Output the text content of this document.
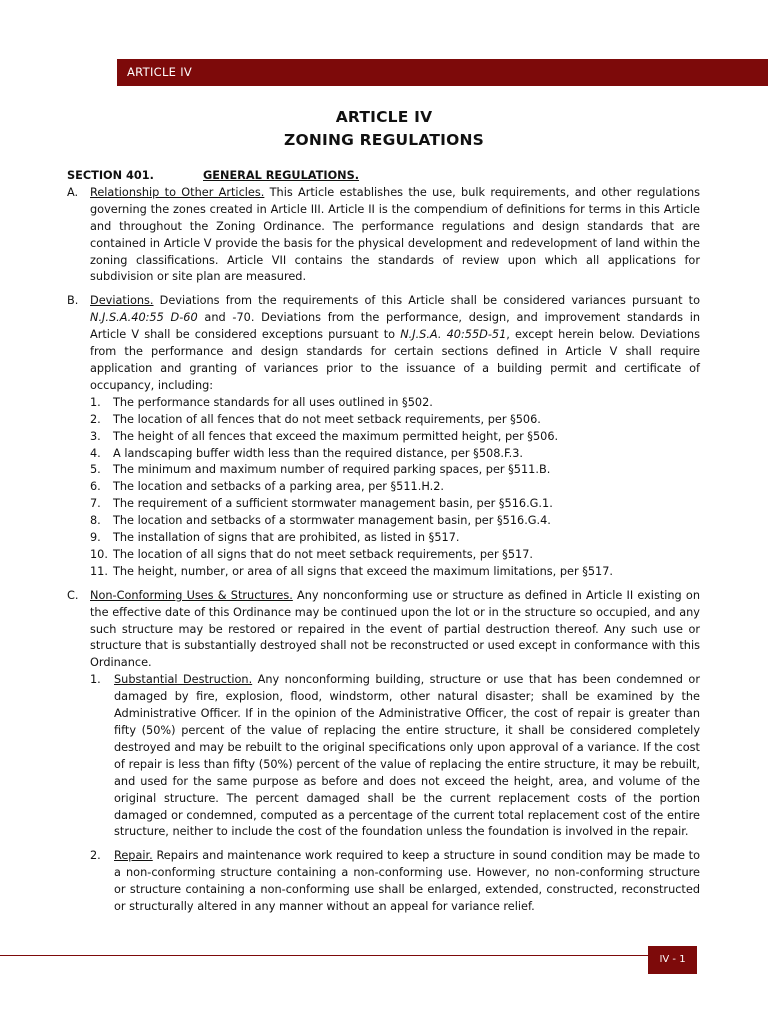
ARTICLE IV
ARTICLE IV
ZONING REGULATIONS
SECTION 401.	GENERAL REGULATIONS.
A. Relationship to Other Articles. This Article establishes the use, bulk requirements, and other regulations governing the zones created in Article III. Article II is the compendium of definitions for terms in this Article and throughout the Zoning Ordinance. The performance regulations and design standards that are contained in Article V provide the basis for the physical development and redevelopment of land within the zoning classifications. Article VII contains the standards of review upon which all applications for subdivision or site plan are measured.
B. Deviations. Deviations from the requirements of this Article shall be considered variances pursuant to N.J.S.A.40:55 D-60 and -70. Deviations from the performance, design, and improvement standards in Article V shall be considered exceptions pursuant to N.J.S.A. 40:55D-51, except herein below. Deviations from the performance and design standards for certain sections defined in Article V shall require application and granting of variances prior to the issuance of a building permit and certificate of occupancy, including:
1. The performance standards for all uses outlined in §502.
2. The location of all fences that do not meet setback requirements, per §506.
3. The height of all fences that exceed the maximum permitted height, per §506.
4. A landscaping buffer width less than the required distance, per §508.F.3.
5. The minimum and maximum number of required parking spaces, per §511.B.
6. The location and setbacks of a parking area, per §511.H.2.
7. The requirement of a sufficient stormwater management basin, per §516.G.1.
8. The location and setbacks of a stormwater management basin, per §516.G.4.
9. The installation of signs that are prohibited, as listed in §517.
10. The location of all signs that do not meet setback requirements, per §517.
11. The height, number, or area of all signs that exceed the maximum limitations, per §517.
C. Non-Conforming Uses & Structures. Any nonconforming use or structure as defined in Article II existing on the effective date of this Ordinance may be continued upon the lot or in the structure so occupied, and any such structure may be restored or repaired in the event of partial destruction thereof. Any such use or structure that is substantially destroyed shall not be reconstructed or used except in conformance with this Ordinance.
1. Substantial Destruction. Any nonconforming building, structure or use that has been condemned or damaged by fire, explosion, flood, windstorm, other natural disaster; shall be examined by the Administrative Officer. If in the opinion of the Administrative Officer, the cost of repair is greater than fifty (50%) percent of the value of replacing the entire structure, it shall be considered completely destroyed and may be rebuilt to the original specifications only upon approval of a variance. If the cost of repair is less than fifty (50%) percent of the value of replacing the entire structure, it may be rebuilt, and used for the same purpose as before and does not exceed the height, area, and volume of the original structure. The percent damaged shall be the current replacement costs of the portion damaged or condemned, computed as a percentage of the current total replacement cost of the entire structure, neither to include the cost of the foundation unless the foundation is involved in the repair.
2. Repair. Repairs and maintenance work required to keep a structure in sound condition may be made to a non-conforming structure containing a non-conforming use. However, no non-conforming structure or structure containing a non-conforming use shall be enlarged, extended, constructed, reconstructed or structurally altered in any manner without an appeal for variance relief.
IV - 1
